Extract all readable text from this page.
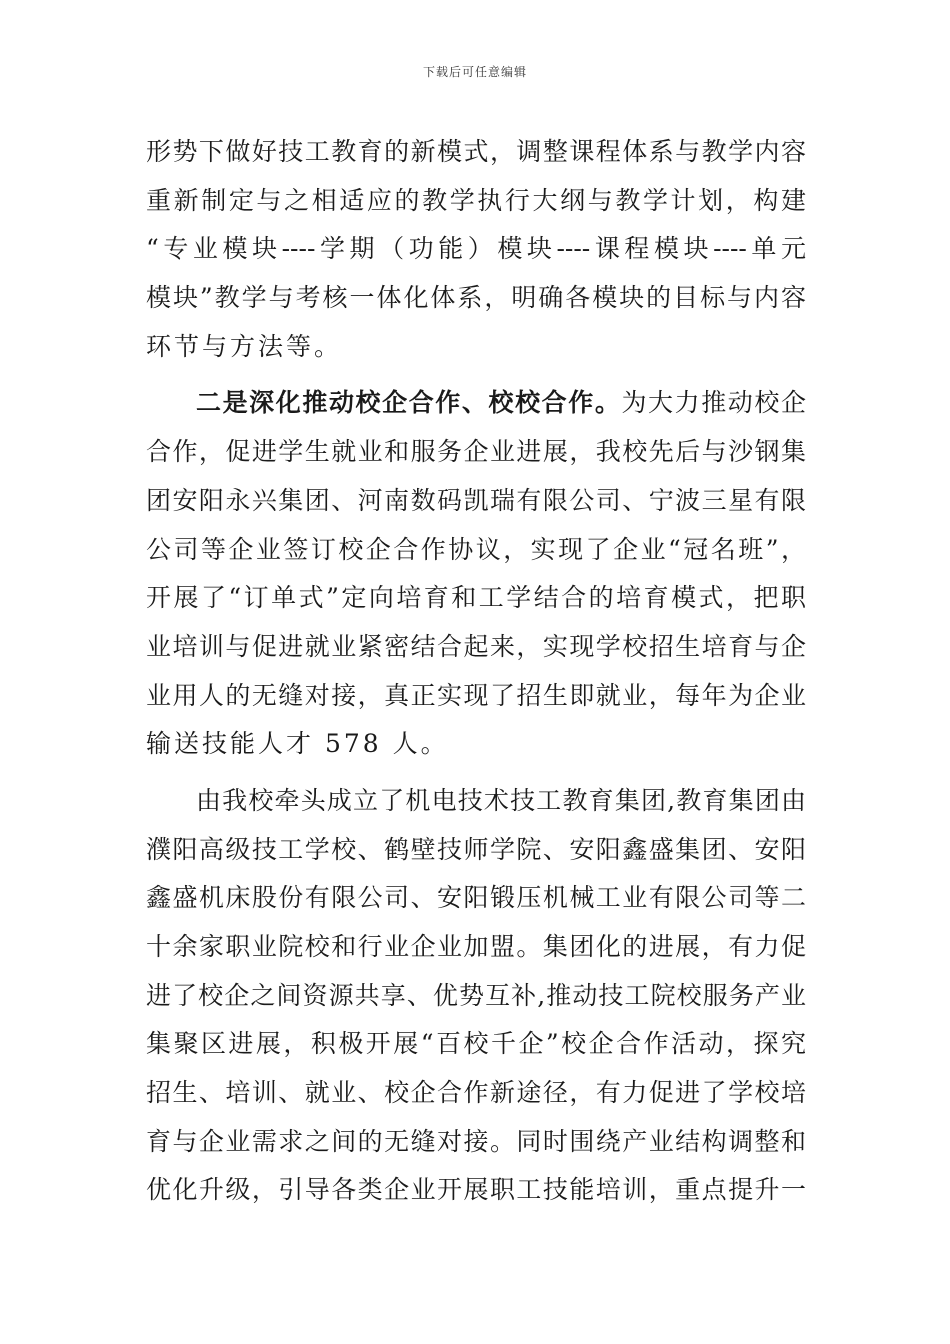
下载后可任意编辑
形势下做好技工教育的新模式，调整课程体系与教学内容
重新制定与之相适应的教学执行大纲与教学计划，构建
“专业模块----学期（功能）模块----课程模块----单元
模块”教学与考核一体化体系，明确各模块的目标与内容
环节与方法等。
二是深化推动校企合作、校校合作。为大力推动校企
合作，促进学生就业和服务企业进展，我校先后与沙钢集
团安阳永兴集团、河南数码凯瑞有限公司、宁波三星有限
公司等企业签订校企合作协议，实现了企业“冠名班”，
开展了“订单式”定向培育和工学结合的培育模式，把职
业培训与促进就业紧密结合起来，实现学校招生培育与企
业用人的无缝对接，真正实现了招生即就业，每年为企业
输送技能人才 578 人。
由我校牵头成立了机电技术技工教育集团,教育集团由
濮阳高级技工学校、鹤壁技师学院、安阳鑫盛集团、安阳
鑫盛机床股份有限公司、安阳锻压机械工业有限公司等二
十余家职业院校和行业企业加盟。集团化的进展，有力促
进了校企之间资源共享、优势互补,推动技工院校服务产业
集聚区进展，积极开展“百校千企”校企合作活动，探究
招生、培训、就业、校企合作新途径，有力促进了学校培
育与企业需求之间的无缝对接。同时围绕产业结构调整和
优化升级，引导各类企业开展职工技能培训，重点提升一
